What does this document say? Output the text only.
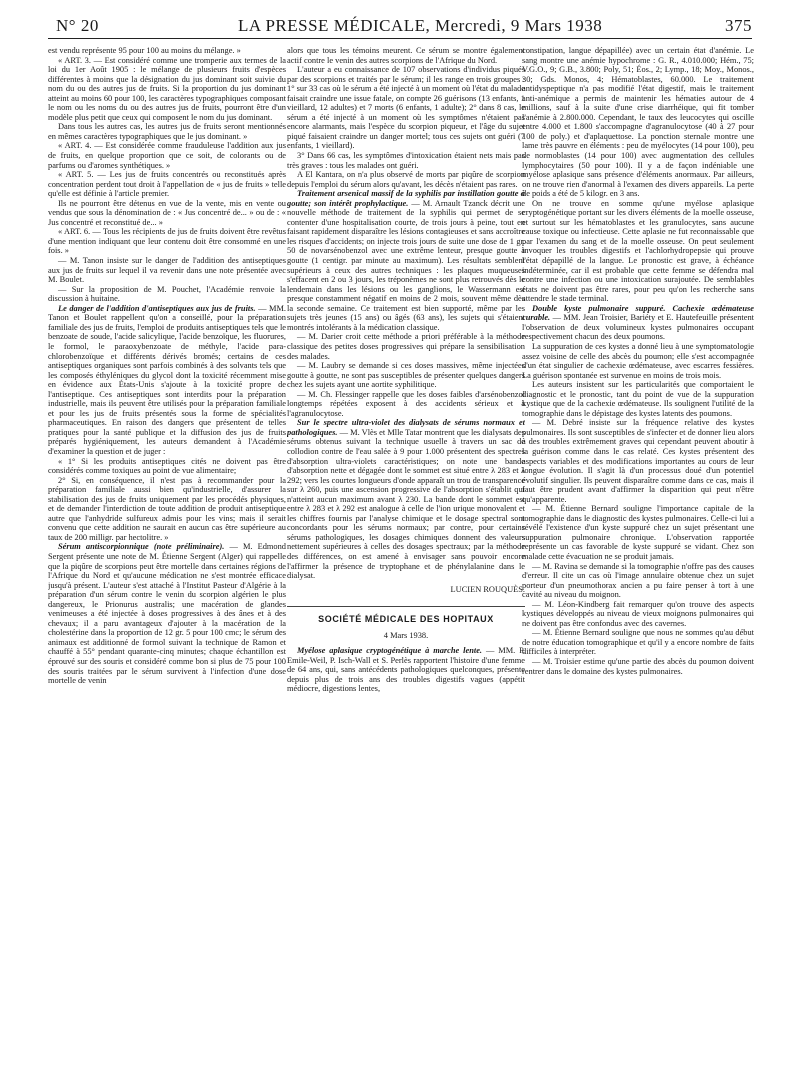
N° 20	LA PRESSE MÉDICALE, Mercredi, 9 Mars 1938	375

est vendu représente 95 pour 100 au moins du mélange. »

« ART. 3. — Est considéré comme une tromperie aux termes de la loi du 1er Août 1905 : le mélange de plusieurs fruits d'espèces différentes à moins que la désignation du jus dominant soit suivie du nom du ou des autres jus de fruits. Si la proportion du jus dominant atteint au moins 60 pour 100, les caractères typographiques composant le nom ou les noms du ou des autres jus de fruits, pourront être d'un modèle plus petit que ceux qui composent le nom du jus dominant.

Dans tous les autres cas, les autres jus de fruits seront mentionnés en mêmes caractères typographiques que le jus dominant. »

« ART. 4. — Est considérée comme frauduleuse l'addition aux jus de fruits, en quelque proportion que ce soit, de colorants ou de parfums ou d'aromes synthétiques. »

« ART. 5. — Les jus de fruits concentrés ou reconstitués après concentration perdent tout droit à l'appellation de « jus de fruits » telle qu'elle est définie à l'article premier.

Ils ne pourront être détenus en vue de la vente, mis en vente ou vendus que sous la dénomination de : « Jus concentré de... » ou de : « Jus concentré et reconstitué de... »

« ART. 6. — Tous les récipients de jus de fruits doivent être revêtus d'une mention indiquant que leur contenu doit être consommé en une fois. »

— M. Tanon insiste sur le danger de l'addition des antiseptiques aux jus de fruits sur lequel il va revenir dans une note présentée avec M. Boulet.

— Sur la proposition de M. Pouchet, l'Académie renvoie la discussion à huitaine.

Le danger de l'addition d'antiseptiques aux jus de fruits. — MM. Tanon et Boulet rappellent qu'on a conseillé, pour la préparation familiale des jus de fruits, l'emploi de produits antiseptiques tels que le benzoate de soude, l'acide salicylique, l'acide benzoïque, les fluorures, le formol, le paraoxybenzoate de méthyle, l'acide para-chlorobenzoïque et différents dérivés bromés; certains de ces antiseptiques organiques sont parfois combinés à des solvants tels que les composés éthyléniques du glycol dont la toxicité récemment mise en évidence aux États-Unis s'ajoute à la toxicité propre de l'antiseptique. Ces antiseptiques sont interdits pour la préparation industrielle, mais ils peuvent être utilisés pour la préparation familiale et pour les jus de fruits présentés sous la forme de spécialités pharmaceutiques. En raison des dangers que présentent de telles pratiques pour la santé publique et la diffusion des jus de fruits préparés hygiéniquement, les auteurs demandent à l'Académie d'examiner la question et de juger :

« 1° Si les produits antiseptiques cités ne doivent pas être considérés comme toxiques au point de vue alimentaire;

2° Si, en conséquence, il n'est pas à recommander pour la préparation familiale aussi bien qu'industrielle, d'assurer la stabilisation des jus de fruits uniquement par les procédés physiques, et de demander l'interdiction de toute addition de produit antiseptique autre que l'anhydride sulfureux admis pour les vins; mais il serait convenu que cette addition ne saurait en aucun cas être supérieure au taux de 200 milligr. par hectolitre. »

Sérum antiscorpionnique (note préliminaire). — M. Edmond Sergent présente une note de M. Étienne Sergent (Alger) qui rappelle que la piqûre de scorpions peut être mortelle dans certaines régions de l'Afrique du Nord et qu'aucune médication ne s'est montrée efficace jusqu'à présent. L'auteur s'est attaché à l'Institut Pasteur d'Algérie à la préparation d'un sérum contre le venin du scorpion algérien le plus dangereux, le Prionurus australis; une macération de glandes venimeuses a été injectée à doses progressives à des ânes et à des chevaux; il a paru avantageux d'ajouter à la macération de la cholestérine dans la proportion de 12 gr. 5 pour 100 cmc; le sérum des animaux est additionné de formol suivant la technique de Ramon et chauffé à 55° pendant quarante-cinq minutes; chaque échantillon est éprouvé sur des souris et considéré comme bon si plus de 75 pour 100 des souris traitées par le sérum survivent à l'infection d'une dose mortelle de venin

alors que tous les témoins meurent. Ce sérum se montre également actif contre le venin des autres scorpions de l'Afrique du Nord.

L'auteur a eu connaissance de 107 observations d'individus piqués par des scorpions et traités par le sérum; il les range en trois groupes : 1° sur 33 cas où le sérum a été injecté à un moment où l'état du malade faisait craindre une issue fatale, on compte 26 guérisons (13 enfants, 1 vieillard, 12 adultes) et 7 morts (6 enfants, 1 adulte); 2° dans 8 cas, le sérum a été injecté à un moment où les symptômes n'étaient pas encore alarmants, mais l'espèce du scorpion piqueur, et l'âge du sujet piqué faisaient craindre un danger mortel; tous ces sujets ont guéri (7 enfants, 1 vieillard).

3° Dans 66 cas, les symptômes d'intoxication étaient nets mais pas très graves : tous les malades ont guéri.

A El Kantara, on n'a plus observé de morts par piqûre de scorpion depuis l'emploi du sérum alors qu'avant, les décès n'étaient pas rares.

Traitement arsenical massif de la syphilis par instillation goutte à goutte; son intérêt prophylactique. — M. Arnault Tzanck décrit une nouvelle méthode de traitement de la syphilis qui permet de se contenter d'une hospitalisation courte, de trois jours à peine, tout en faisant rapidement disparaître les lésions contagieuses et sans accroître les risques d'accidents; on injecte trois jours de suite une dose de 1 gr. 50 de novarsénobenzol avec une extrême lenteur, presque goutte à goutte (1 centigr. par minute au maximum). Les résultats semblent supérieurs à ceux des autres techniques : les plaques muqueuses s'effacent en 2 ou 3 jours, les tréponèmes ne sont plus retrouvés dès le lendemain dans les lésions ou les ganglions, le Wassermann est presque constamment négatif en moins de 2 mois, souvent même dès la seconde semaine. Ce traitement est bien supporté, même par les sujets très jeunes (15 ans) ou âgés (63 ans), les sujets qui s'étaient montrés intolérants à la médication classique.

— M. Darier croit cette méthode a priori préférable à la méthode classique des petites doses progressives qui prépare la sensibilisation des malades.

— M. Laubry se demande si ces doses massives, même injectées goutte à goutte, ne sont pas susceptibles de présenter quelques dangers chez les sujets ayant une aortite syphilitique.

— M. Ch. Flessinger rappelle que les doses faibles d'arsénobenzol longtemps répétées exposent à des accidents sérieux et à l'agranulocytose.

Sur le spectre ultra-violet des dialysats de sérums normaux et pathologiques. — M. Vlès et Mlle Tatar montrent que les dialysats des sérums obtenus suivant la technique usuelle à travers un sac de collodion contre de l'eau salée à 9 pour 1.000 présentent des spectres d'absorption ultra-violets caractéristiques; on note une bande d'absorption nette et dégagée dont le sommet est situé entre λ 283 et λ 292; vers les courtes longueurs d'onde apparaît un trou de transparence sur λ 260, puis une ascension progressive de l'absorption s'établit qui n'atteint aucun maximum avant λ 230. La bande dont le sommet est entre λ 283 et λ 292 est analogue à celle de l'ion urique monovalent et les chiffres fournis par l'analyse chimique et le dosage spectral sont concordants pour les sérums normaux; par contre, pour certains sérums pathologiques, les dosages chimiques donnent des valeurs nettement supérieures à celles des dosages spectraux; par la méthode des différences, on est amené à envisager sans pouvoir encore l'affirmer la présence de tryptophane et de phénylalanine dans le dialysat.

LUCIEN ROUQUÈS.
SOCIÉTÉ MÉDICALE DES HOPITAUX
4 Mars 1938.

Myélose aplasique cryptogénétique à marche lente. — MM. P. Emile-Weil, P. Isch-Wall et S. Perlès rapportent l'histoire d'une femme de 64 ans, qui, sans antécédents pathologiques quelconques, présente depuis plus de trois ans des troubles digestifs vagues (appétit médiocre, digestions lentes,

constipation, langue dépapillée) avec un certain état d'anémie. Le sang montre une anémie hypochrome : G. R., 4.010.000; Hém., 75; V.G.O., 9; G.B., 3.800; Poly, 51; Éos., 2; Lymp., 18; Moy., Monos., 30; Gds. Monos, 4; Hématoblastes, 60.000. Le traitement antidyspeptique n'a pas modifié l'état digestif, mais le traitement anti-anémique a permis de maintenir les hématies autour de 4 millions, sauf à la suite d'une crise diarrhéique, qui fit tomber l'anémie à 2.800.000. Cependant, le taux des leucocytes qui oscille entre 4.000 et 1.800 s'accompagne d'agranulocytose (40 à 27 pour 100 de poly.) et d'aplaquettose. La ponction sternale montre une lame très pauvre en éléments : peu de myélocytes (14 pour 100), peu de normoblastes (14 pour 100) avec augmentation des cellules lymphocytaires (50 pour 100). Il y a de façon indéniable une myélose aplasique sans présence d'éléments anormaux. Par ailleurs, on ne trouve rien d'anormal à l'examen des divers appareils. La perte de poids a été de 5 kilogr. en 3 ans.

On ne trouve en somme qu'une myélose aplasique cryptogénétique portant sur les divers éléments de la moelle osseuse, et surtout sur les hématoblastes et les granulocytes, sans aucune cause toxique ou infectieuse. Cette aplasie ne fut reconnaissable que par l'examen du sang et de la moelle osseuse. On peut seulement invoquer les troubles digestifs et l'achlorhydropepsie qui prouve l'état dépapillé de la langue. Le pronostic est grave, à échéance indéterminée, car il est probable que cette femme se défendra mal contre une infection ou une intoxication surajoutée. De semblables états ne doivent pas être rares, pour peu qu'on les recherche sans attendre le stade terminal.

Double kyste pulmonaire suppuré. Cachexie œdémateuse curable. — MM. Jean Troisier, Bariéty et E. Hautefeuille présentent l'observation de deux volumineux kystes pulmonaires occupant respectivement chacun des deux poumons.

La suppuration de ces kystes a donné lieu à une symptomatologie assez voisine de celle des abcès du poumon; elle s'est accompagnée d'un état singulier de cachexie œdémateuse, avec escarres fessières. La guérison spontanée est survenue en moins de trois mois.

Les auteurs insistent sur les particularités que comportaient le diagnostic et le pronostic, tant du point de vue de la suppuration kystique que de la cachexie œdémateuse. Ils soulignent l'utilité de la tomographie dans le dépistage des kystes latents des poumons.

— M. Debré insiste sur la fréquence relative des kystes pulmonaires. Ils sont susceptibles de s'infecter et de donner lieu alors à des troubles extrêmement graves qui cependant peuvent aboutir à la guérison comme dans le cas relaté. Ces kystes présentent des aspects variables et des modifications importantes au cours de leur longue évolution. Il s'agit là d'un processus doué d'un potentiel évolutif singulier. Ils peuvent disparaître comme dans ce cas, mais il faut être prudent avant d'affirmer la disparition qui peut n'être qu'apparente.

— M. Étienne Bernard souligne l'importance capitale de la tomographie dans le diagnostic des kystes pulmonaires. Celle-ci lui a révélé l'existence d'un kyste suppuré chez un sujet présentant une suppuration pulmonaire chronique. L'observation rapportée représente un cas favorable de kyste suppuré se vidant. Chez son malade cette évacuation ne se produit jamais.

— M. Ravina se demande si la tomographie n'offre pas des causes d'erreur. Il cite un cas où l'image annulaire obtenue chez un sujet porteur d'un pneumothorax ancien a pu faire penser à tort à une cavité au niveau du moignon.

— M. Léon-Kindberg fait remarquer qu'on trouve des aspects kystiques développés au niveau de vieux moignons pulmonaires qui ne doivent pas être confondus avec des cavernes.

— M. Étienne Bernard souligne que nous ne sommes qu'au début de notre éducation tomographique et qu'il y a encore nombre de faits difficiles à interpréter.

— M. Troisier estime qu'une partie des abcès du poumon doivent rentrer dans le domaine des kystes pulmonaires.
